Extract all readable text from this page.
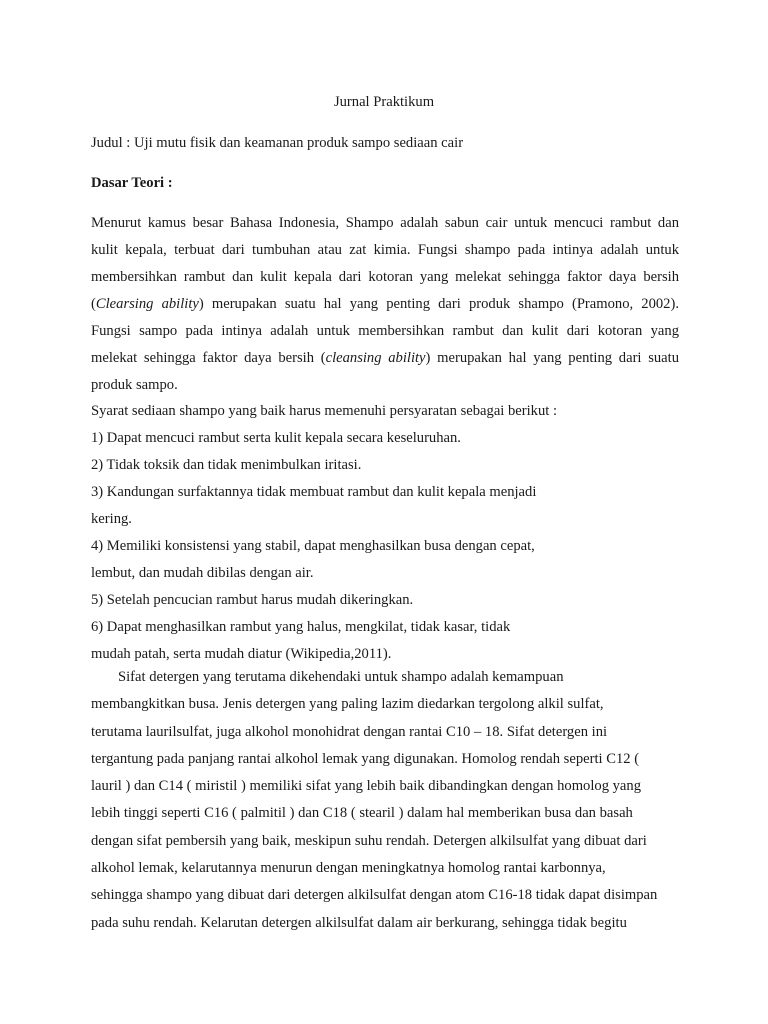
Jurnal Praktikum
Judul : Uji mutu fisik dan keamanan produk sampo sediaan cair
Dasar Teori :
Menurut kamus besar Bahasa Indonesia, Shampo adalah sabun cair untuk mencuci rambut dan
kulit kepala, terbuat dari tumbuhan atau zat kimia. Fungsi shampo pada intinya adalah untuk
membersihkan rambut dan kulit kepala dari kotoran yang melekat sehingga faktor daya bersih
(Clearsing ability) merupakan suatu hal yang penting dari produk shampo (Pramono, 2002).
Fungsi sampo pada intinya adalah untuk membersihkan rambut dan kulit dari kotoran yang
melekat sehingga faktor daya bersih (cleansing ability) merupakan hal yang penting dari suatu
produk sampo.
Syarat sediaan shampo yang baik harus memenuhi persyaratan sebagai berikut :
1) Dapat mencuci rambut serta kulit kepala secara keseluruhan.
2) Tidak toksik dan tidak menimbulkan iritasi.
3) Kandungan surfaktannya tidak membuat rambut dan kulit kepala menjadi
kering.
4) Memiliki konsistensi yang stabil, dapat menghasilkan busa dengan cepat,
lembut, dan mudah dibilas dengan air.
5) Setelah pencucian rambut harus mudah dikeringkan.
6) Dapat menghasilkan rambut yang halus, mengkilat, tidak kasar, tidak
mudah patah, serta mudah diatur (Wikipedia,2011).
Sifat detergen yang terutama dikehendaki untuk shampo adalah kemampuan
membangkitkan busa. Jenis detergen yang paling lazim diedarkan tergolong alkil sulfat,
terutama laurilsulfat, juga alkohol monohidrat dengan rantai C10 – 18. Sifat detergen ini
tergantung pada panjang rantai alkohol lemak yang digunakan. Homolog rendah seperti C12 (
lauril ) dan C14 ( miristil ) memiliki sifat yang lebih baik dibandingkan dengan homolog yang
lebih tinggi seperti C16 ( palmitil ) dan C18 ( stearil ) dalam hal memberikan busa dan basah
dengan sifat pembersih yang baik, meskipun suhu rendah. Detergen alkilsulfat yang dibuat dari
alkohol lemak, kelarutannya menurun dengan meningkatnya homolog rantai karbonnya,
sehingga shampo yang dibuat dari detergen alkilsulfat dengan atom C16-18 tidak dapat disimpan
pada suhu rendah. Kelarutan detergen alkilsulfat dalam air berkurang, sehingga tidak begitu
